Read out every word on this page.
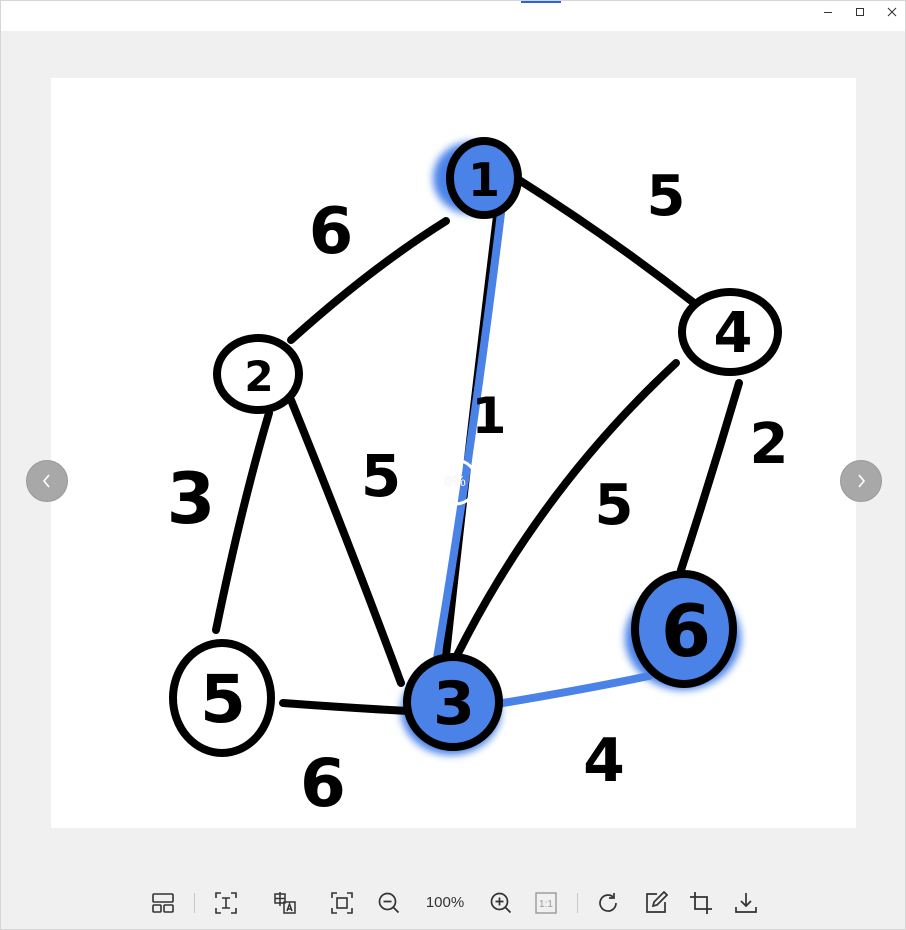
1
2
4
5	3
6
6	5
1
3	5	5
2
6	4
8%
100%	1:1
